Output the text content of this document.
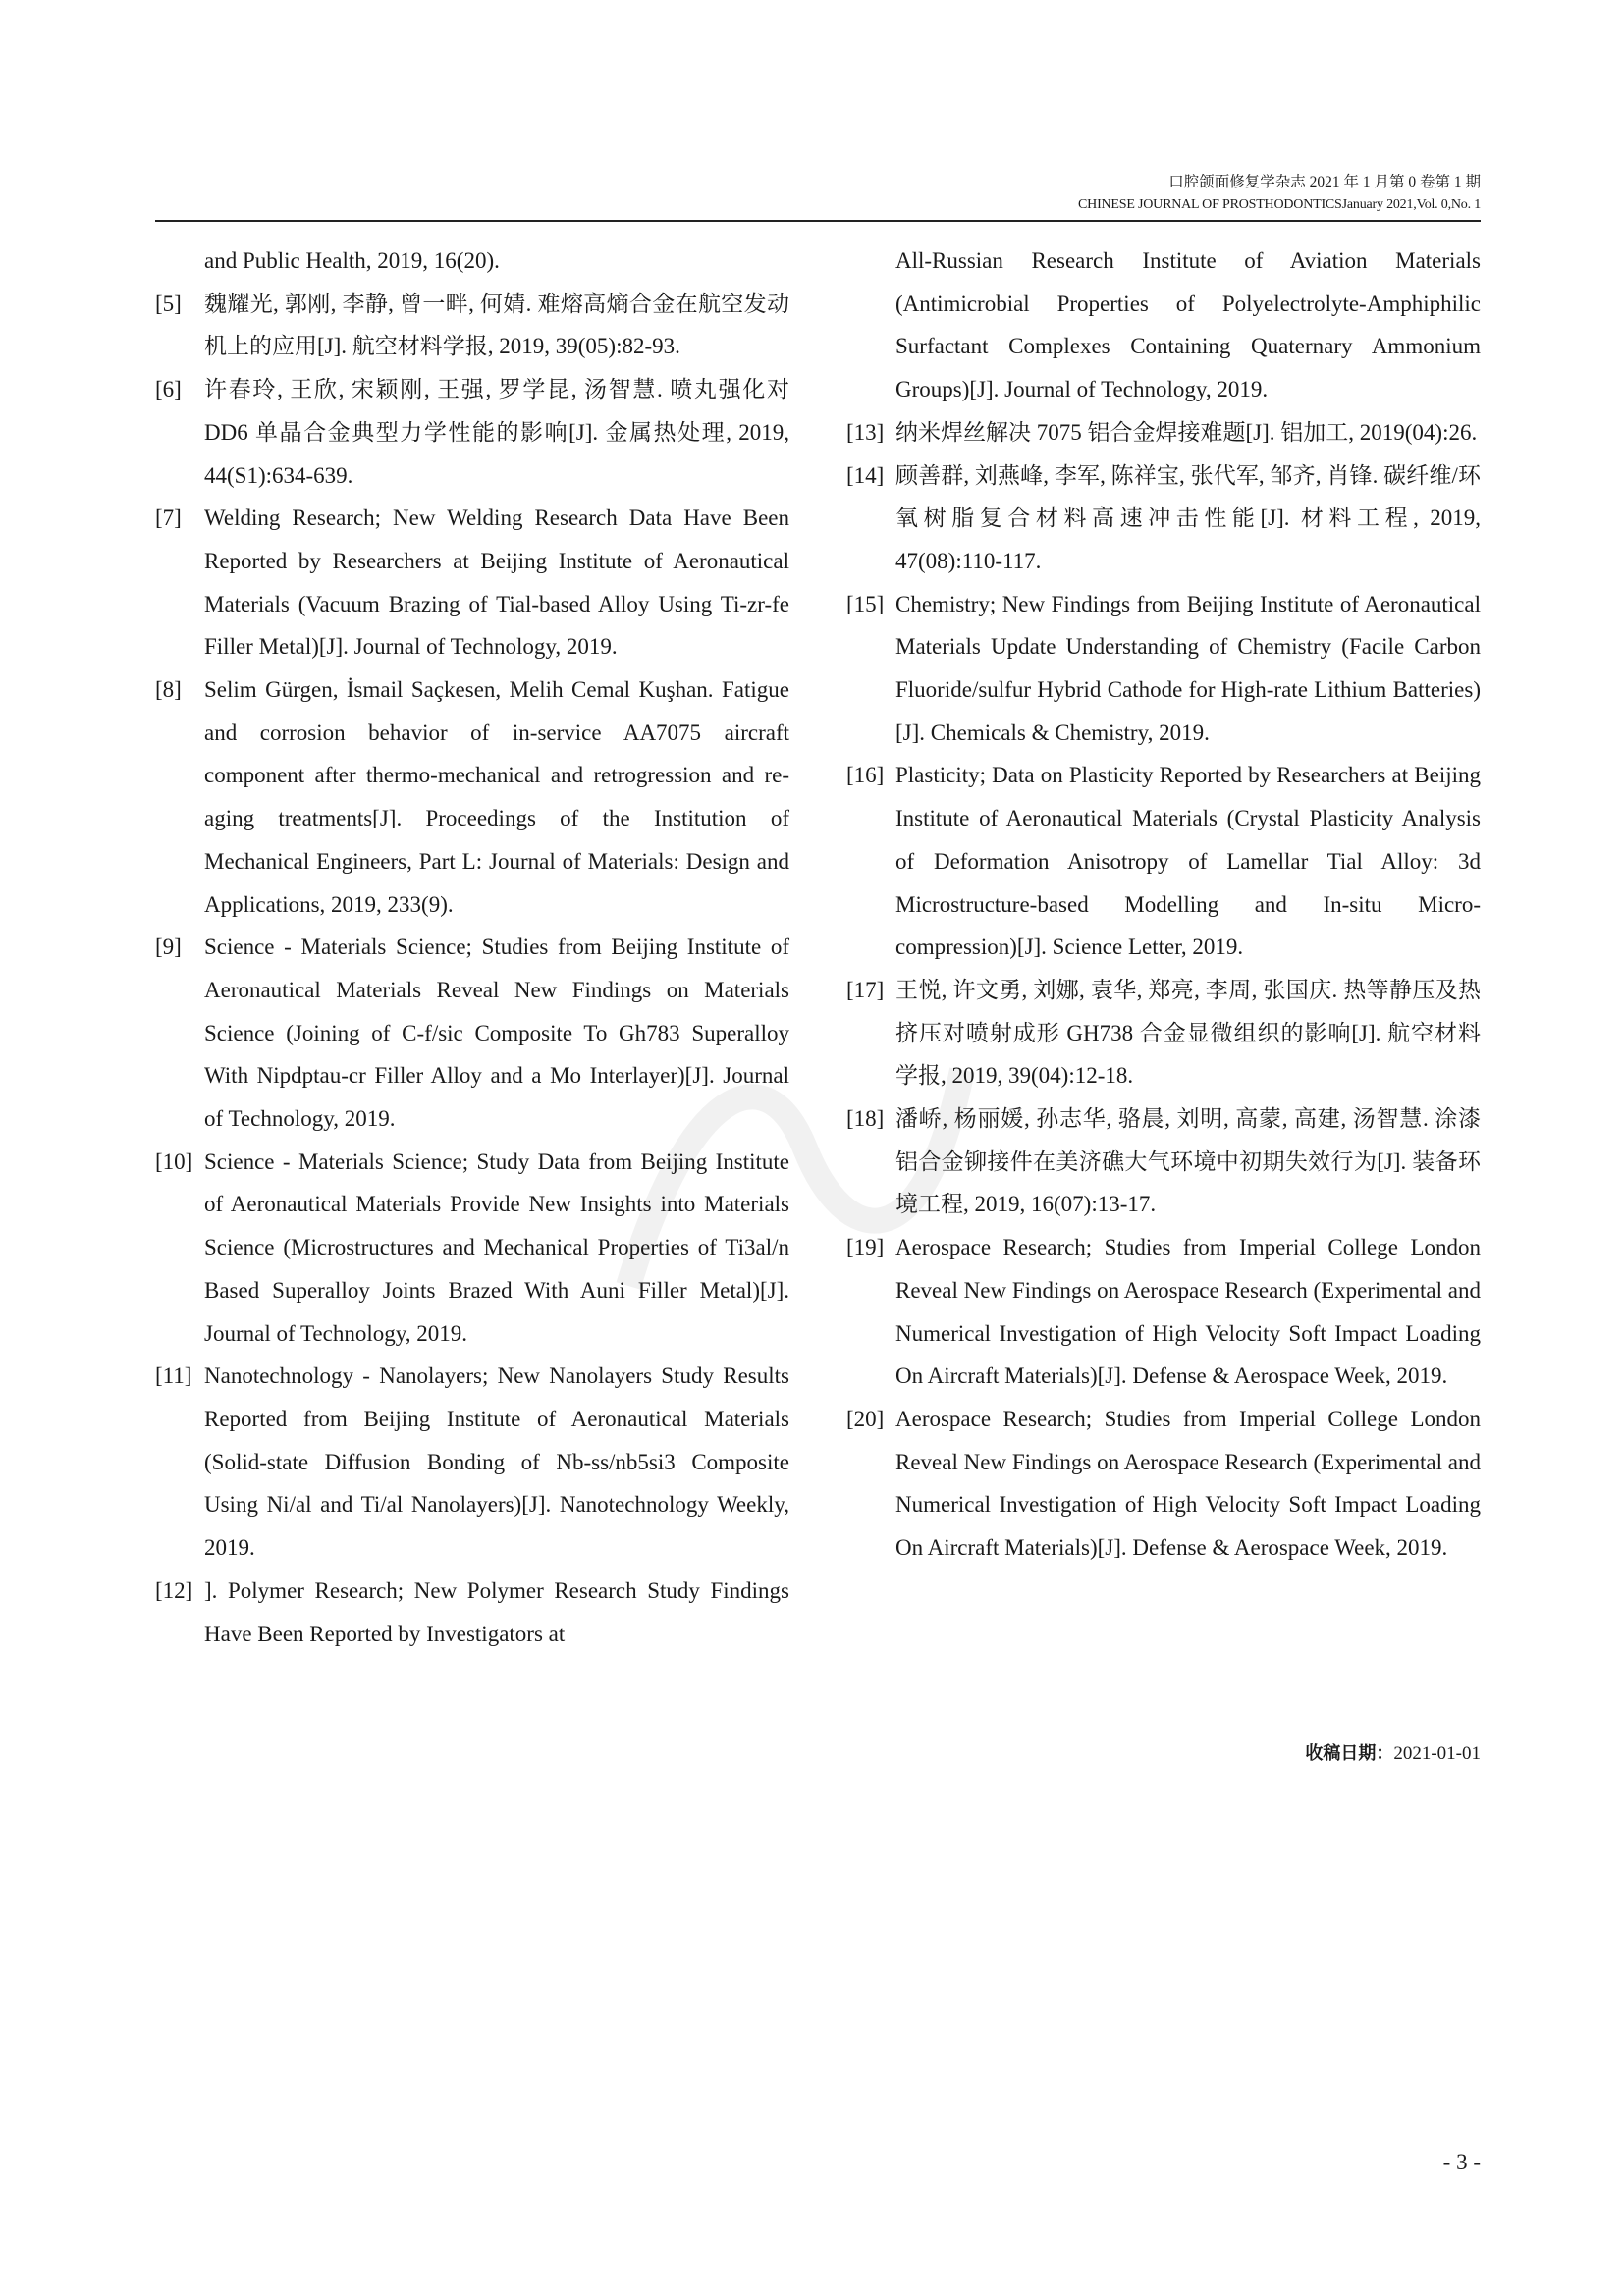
口腔颌面修复学杂志 2021 年 1 月第 0 卷第 1 期
CHINESE JOURNAL OF PROSTHODONTICSJanuary 2021,Vol. 0,No. 1
and Public Health, 2019, 16(20).
[5] 魏耀光, 郭刚, 李静, 曾一畔, 何婧. 难熔高熵合金在航空发动机上的应用[J]. 航空材料学报, 2019, 39(05):82-93.
[6] 许春玲, 王欣, 宋颖刚, 王强, 罗学昆, 汤智慧. 喷丸强化对 DD6 单晶合金典型力学性能的影响[J]. 金属热处理, 2019, 44(S1):634-639.
[7] Welding Research; New Welding Research Data Have Been Reported by Researchers at Beijing Institute of Aeronautical Materials (Vacuum Brazing of Tial-based Alloy Using Ti-zr-fe Filler Metal)[J]. Journal of Technology, 2019.
[8] Selim Gürgen, İsmail Saçkesen, Melih Cemal Kuşhan. Fatigue and corrosion behavior of in-service AA7075 aircraft component after thermo-mechanical and retrogression and re-aging treatments[J]. Proceedings of the Institution of Mechanical Engineers, Part L: Journal of Materials: Design and Applications, 2019, 233(9).
[9] Science - Materials Science; Studies from Beijing Institute of Aeronautical Materials Reveal New Findings on Materials Science (Joining of C-f/sic Composite To Gh783 Superalloy With Nipdptau-cr Filler Alloy and a Mo Interlayer)[J]. Journal of Technology, 2019.
[10] Science - Materials Science; Study Data from Beijing Institute of Aeronautical Materials Provide New Insights into Materials Science (Microstructures and Mechanical Properties of Ti3al/n Based Superalloy Joints Brazed With Auni Filler Metal)[J]. Journal of Technology, 2019.
[11] Nanotechnology - Nanolayers; New Nanolayers Study Results Reported from Beijing Institute of Aeronautical Materials (Solid-state Diffusion Bonding of Nb-ss/nb5si3 Composite Using Ni/al and Ti/al Nanolayers)[J]. Nanotechnology Weekly, 2019.
[12] ]. Polymer Research; New Polymer Research Study Findings Have Been Reported by Investigators at
All-Russian Research Institute of Aviation Materials (Antimicrobial Properties of Polyelectrolyte-Amphiphilic Surfactant Complexes Containing Quaternary Ammonium Groups)[J]. Journal of Technology, 2019.
[13] 纳米焊丝解决 7075 铝合金焊接难题[J]. 铝加工, 2019(04):26.
[14] 顾善群, 刘燕峰, 李军, 陈祥宝, 张代军, 邹齐, 肖锋. 碳纤维/环氧树脂复合材料高速冲击性能[J]. 材料工程, 2019, 47(08):110-117.
[15] Chemistry; New Findings from Beijing Institute of Aeronautical Materials Update Understanding of Chemistry (Facile Carbon Fluoride/sulfur Hybrid Cathode for High-rate Lithium Batteries)[J]. Chemicals & Chemistry, 2019.
[16] Plasticity; Data on Plasticity Reported by Researchers at Beijing Institute of Aeronautical Materials (Crystal Plasticity Analysis of Deformation Anisotropy of Lamellar Tial Alloy: 3d Microstructure-based Modelling and In-situ Micro-compression)[J]. Science Letter, 2019.
[17] 王悦, 许文勇, 刘娜, 袁华, 郑亮, 李周, 张国庆. 热等静压及热挤压对喷射成形 GH738 合金显微组织的影响[J]. 航空材料学报, 2019, 39(04):12-18.
[18] 潘峤, 杨丽媛, 孙志华, 骆晨, 刘明, 高蒙, 高建, 汤智慧. 涂漆铝合金铆接件在美济礁大气环境中初期失效行为[J]. 装备环境工程, 2019, 16(07):13-17.
[19] Aerospace Research; Studies from Imperial College London Reveal New Findings on Aerospace Research (Experimental and Numerical Investigation of High Velocity Soft Impact Loading On Aircraft Materials)[J]. Defense & Aerospace Week, 2019.
[20] Aerospace Research; Studies from Imperial College London Reveal New Findings on Aerospace Research (Experimental and Numerical Investigation of High Velocity Soft Impact Loading On Aircraft Materials)[J]. Defense & Aerospace Week, 2019.
收稿日期：2021-01-01
- 3 -
